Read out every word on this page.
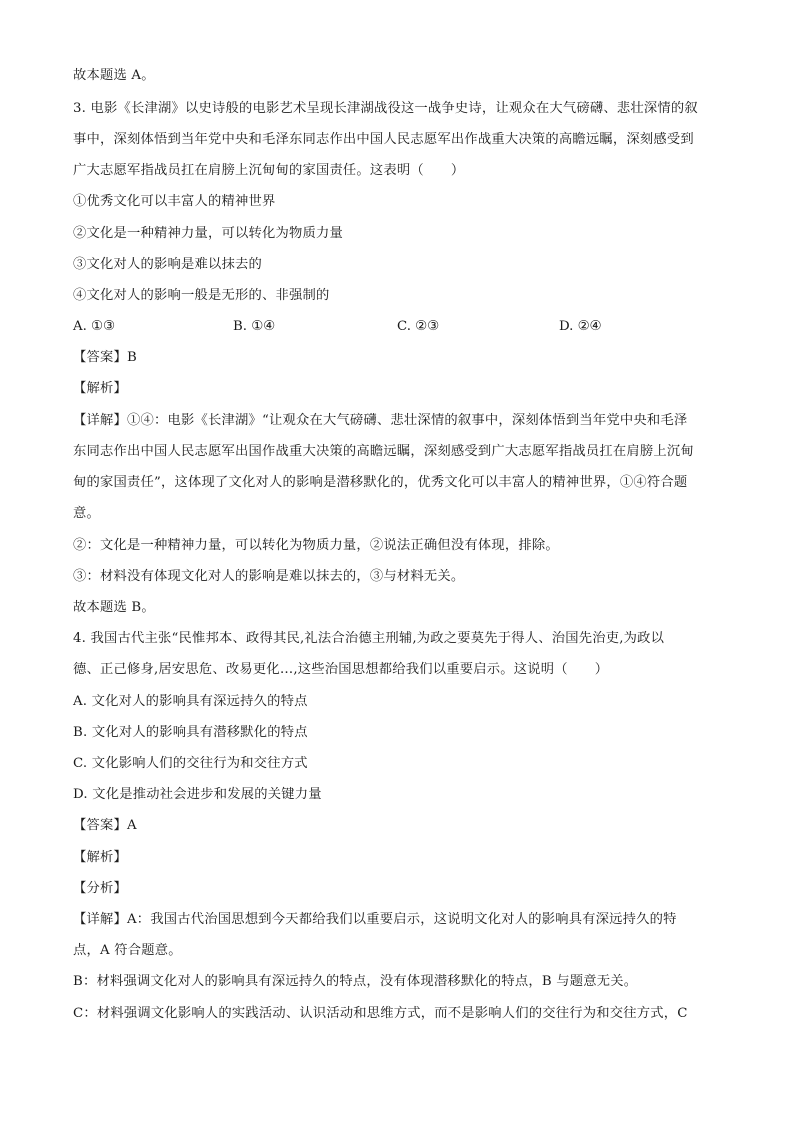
故本题选 A。
3. 电影《长津湖》以史诗般的电影艺术呈现长津湖战役这一战争史诗，让观众在大气磅礴、悲壮深情的叙
事中，深刻体悟到当年党中央和毛泽东同志作出中国人民志愿军出作战重大决策的高瞻远瞩，深刻感受到
广大志愿军指战员扛在肩膀上沉甸甸的家国责任。这表明（　　）
①优秀文化可以丰富人的精神世界
②文化是一种精神力量，可以转化为物质力量
③文化对人的影响是难以抹去的
④文化对人的影响一般是无形的、非强制的
A. ①③	B. ①④	C. ②③	D. ②④
【答案】B
【解析】
【详解】①④：电影《长津湖》“让观众在大气磅礴、悲壮深情的叙事中，深刻体悟到当年党中央和毛泽
东同志作出中国人民志愿军出国作战重大决策的高瞻远瞩，深刻感受到广大志愿军指战员扛在肩膀上沉甸
甸的家国责任”，这体现了文化对人的影响是潜移默化的，优秀文化可以丰富人的精神世界，①④符合题
意。
②：文化是一种精神力量，可以转化为物质力量，②说法正确但没有体现，排除。
③：材料没有体现文化对人的影响是难以抹去的，③与材料无关。
故本题选 B。
4. 我国古代主张“民惟邦本、政得其民,礼法合治德主刑辅,为政之要莫先于得人、治国先治吏,为政以
德、正己修身,居安思危、改易更化…,这些治国思想都给我们以重要启示。这说明（　　）
A. 文化对人的影响具有深远持久的特点
B. 文化对人的影响具有潜移默化的特点
C. 文化影响人们的交往行为和交往方式
D. 文化是推动社会进步和发展的关键力量
【答案】A
【解析】
【分析】
【详解】A：我国古代治国思想到今天都给我们以重要启示，这说明文化对人的影响具有深远持久的特
点，A 符合题意。
B：材料强调文化对人的影响具有深远持久的特点，没有体现潜移默化的特点，B 与题意无关。
C：材料强调文化影响人的实践活动、认识活动和思维方式，而不是影响人们的交往行为和交往方式，C
